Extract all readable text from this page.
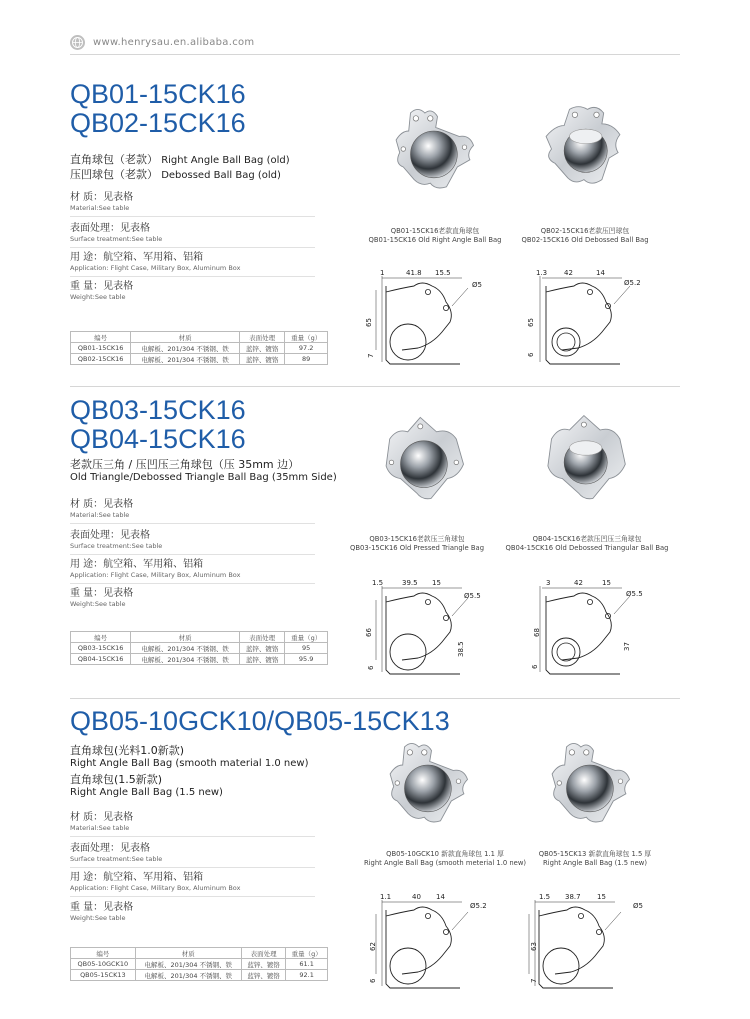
www.henrysau.en.alibaba.com
QB01-15CK16
QB02-15CK16
直角球包（老款） Right Angle Ball Bag (old)
压凹球包（老款） Debossed Ball Bag (old)
材 质：见表格
Material:See table
表面处理：见表格
Surface treatment:See table
用 途：航空箱、军用箱、铝箱
Application: Flight Case, Military Box, Aluminum Box
重 量：见表格
Weight:See table
编号	材质	表面处理	重量（g）
QB01-15CK16	电解板、201/304 不锈钢、铁	蓝锌、镀铬	97.2
QB02-15CK16	电解板、201/304 不锈钢、铁	蓝锌、镀铬	89
QB01-15CK16老款直角球包
QB01-15CK16 Old Right Angle Ball Bag
QB02-15CK16老款压凹球包
QB02-15CK16 Old Debossed Ball Bag
1	41.8 15.5
Ø5
65
7
1.3 42	14
Ø5.2
65
6
QB03-15CK16
QB04-15CK16
老款压三角 / 压凹压三角球包（压 35mm 边）
Old Triangle/Debossed Triangle Ball Bag (35mm Side)
材 质：见表格
Material:See table
表面处理：见表格
Surface treatment:See table
用 途：航空箱、军用箱、铝箱
Application: Flight Case, Military Box, Aluminum Box
重 量：见表格
Weight:See table
编号	材质	表面处理	重量（g）
QB03-15CK16	电解板、201/304 不锈钢、铁	蓝锌、镀铬	95
QB04-15CK16	电解板、201/304 不锈钢、铁	蓝锌、镀铬	95.9
QB03-15CK16老款压三角球包
QB03-15CK16 Old Pressed Triangle Bag
QB04-15CK16老款压凹压三角球包
QB04-15CK16 Old Debossed Triangular Ball Bag
1.5	39.5 15
Ø5.5
66
6
38.5
3	42	15
Ø5.5
68
6
37
QB05-10GCK10/QB05-15CK13
直角球包(光料1.0新款)
Right Angle Ball Bag (smooth material 1.0 new)
直角球包(1.5新款)
Right Angle Ball Bag (1.5 new)
材 质：见表格
Material:See table
表面处理：见表格
Surface treatment:See table
用 途：航空箱、军用箱、铝箱
Application: Flight Case, Military Box, Aluminum Box
重 量：见表格
Weight:See table
编号	材质	表面处理	重量（g）
QB05-10GCK10	电解板、201/304 不锈钢、铁	蓝锌、镀铬	61.1
QB05-15CK13	电解板、201/304 不锈钢、铁	蓝锌、镀铬	92.1
QB05-10GCK10 新款直角球包 1.1 厚
Right Angle Ball Bag (smooth meterial 1.0 new)
QB05-15CK13 新款直角球包 1.5 厚
Right Angle Ball Bag (1.5 new)
1.1	40 14
Ø5.2
62
6
1.5 38.7 15
Ø5
63
7
